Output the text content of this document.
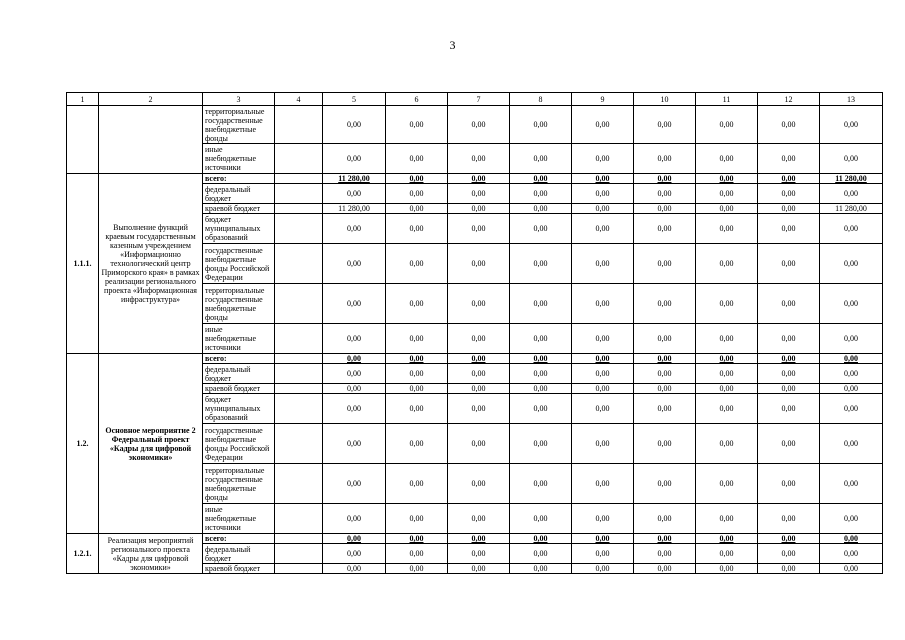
3
1	2	3	4	5	6	7	8	9	10	11	12	13
		территориальные государственные внебюджетные фонды		0,00	0,00	0,00	0,00	0,00	0,00	0,00	0,00	0,00
		иные внебюджетные источники		0,00	0,00	0,00	0,00	0,00	0,00	0,00	0,00	0,00
1.1.1.	Выполнение функций краевым государственным казенным учреждением «Информационно технологический центр Приморского края» в рамках реализации регионального проекта «Информационная инфраструктура»	всего:		11 280,00	0,00	0,00	0,00	0,00	0,00	0,00	0,00	11 280,00
		федеральный бюджет		0,00	0,00	0,00	0,00	0,00	0,00	0,00	0,00	0,00
		краевой бюджет		11 280,00	0,00	0,00	0,00	0,00	0,00	0,00	0,00	11 280,00
		бюджет муниципальных образований		0,00	0,00	0,00	0,00	0,00	0,00	0,00	0,00	0,00
		государственные внебюджетные фонды Российской Федерации		0,00	0,00	0,00	0,00	0,00	0,00	0,00	0,00	0,00
		территориальные государственные внебюджетные фонды		0,00	0,00	0,00	0,00	0,00	0,00	0,00	0,00	0,00
		иные внебюджетные источники		0,00	0,00	0,00	0,00	0,00	0,00	0,00	0,00	0,00
1.2.	Основное мероприятие 2 Федеральный проект «Кадры для цифровой экономики»	всего:		0,00	0,00	0,00	0,00	0,00	0,00	0,00	0,00	0,00
		федеральный бюджет		0,00	0,00	0,00	0,00	0,00	0,00	0,00	0,00	0,00
		краевой бюджет		0,00	0,00	0,00	0,00	0,00	0,00	0,00	0,00	0,00
		бюджет муниципальных образований		0,00	0,00	0,00	0,00	0,00	0,00	0,00	0,00	0,00
		государственные внебюджетные фонды Российской Федерации		0,00	0,00	0,00	0,00	0,00	0,00	0,00	0,00	0,00
		территориальные государственные внебюджетные фонды		0,00	0,00	0,00	0,00	0,00	0,00	0,00	0,00	0,00
		иные внебюджетные источники		0,00	0,00	0,00	0,00	0,00	0,00	0,00	0,00	0,00
1.2.1.	Реализация мероприятий регионального проекта «Кадры для цифровой экономики»	всего:		0,00	0,00	0,00	0,00	0,00	0,00	0,00	0,00	0,00
		федеральный бюджет		0,00	0,00	0,00	0,00	0,00	0,00	0,00	0,00	0,00
		краевой бюджет		0,00	0,00	0,00	0,00	0,00	0,00	0,00	0,00	0,00
